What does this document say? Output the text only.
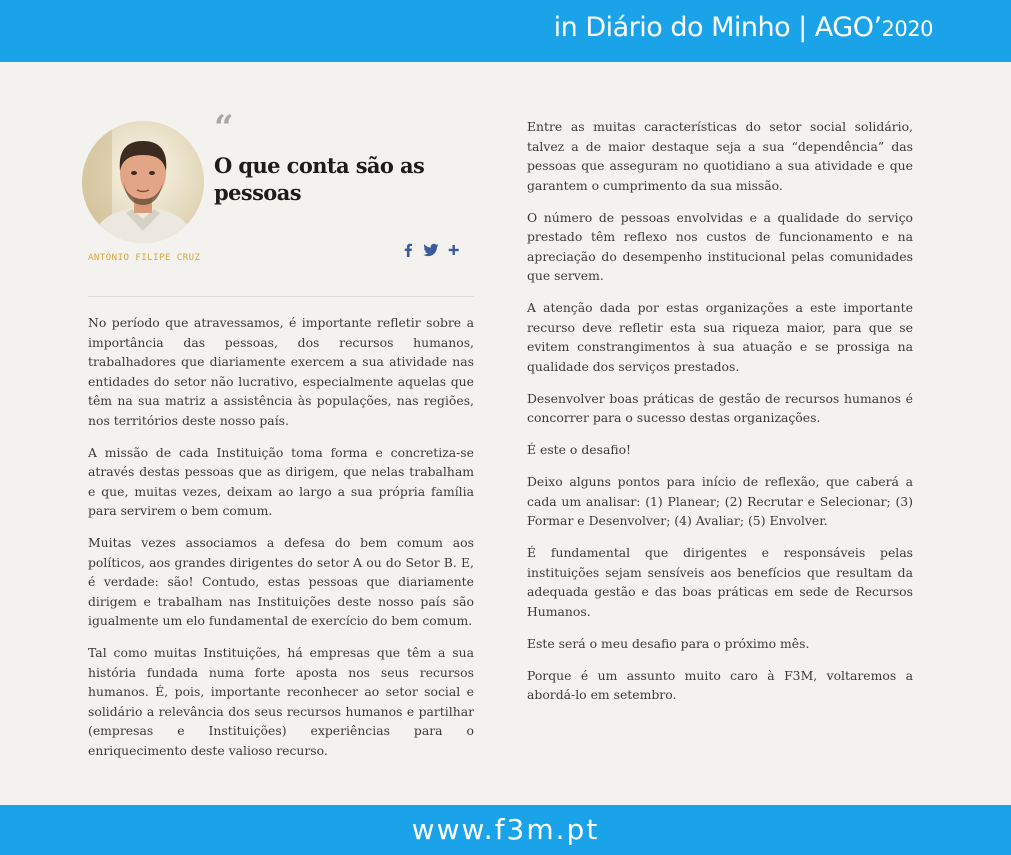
in Diário do Minho | AGO’2020
“
O que conta são as pessoas
ANTÓNIO FILIPE CRUZ

No período que atravessamos, é importante refletir sobre a importância das pessoas, dos recursos humanos, trabalhadores que diariamente exercem a sua atividade nas entidades do setor não lucrativo, especialmente aquelas que têm na sua matriz a assistência às populações, nas regiões, nos territórios deste nosso país.

A missão de cada Instituição toma forma e concretiza-se através destas pessoas que as dirigem, que nelas trabalham e que, muitas vezes, deixam ao largo a sua própria família para servirem o bem comum.

Muitas vezes associamos a defesa do bem comum aos políticos, aos grandes dirigentes do setor A ou do Setor B. E, é verdade: são! Contudo, estas pessoas que diariamente dirigem e trabalham nas Instituições deste nosso país são igualmente um elo fundamental de exercício do bem comum.

Tal como muitas Instituições, há empresas que têm a sua história fundada numa forte aposta nos seus recursos humanos. É, pois, importante reconhecer ao setor social e solidário a relevância dos seus recursos humanos e partilhar (empresas e Instituições) experiências para o enriquecimento deste valioso recurso.

Entre as muitas características do setor social solidário, talvez a de maior destaque seja a sua “dependência” das pessoas que asseguram no quotidiano a sua atividade e que garantem o cumprimento da sua missão.

O número de pessoas envolvidas e a qualidade do serviço prestado têm reflexo nos custos de funcionamento e na apreciação do desempenho institucional pelas comunidades que servem.

A atenção dada por estas organizações a este importante recurso deve refletir esta sua riqueza maior, para que se evitem constrangimentos à sua atuação e se prossiga na qualidade dos serviços prestados.

Desenvolver boas práticas de gestão de recursos humanos é concorrer para o sucesso destas organizações.

É este o desafio!

Deixo alguns pontos para início de reflexão, que caberá a cada um analisar: (1) Planear; (2) Recrutar e Selecionar; (3) Formar e Desenvolver; (4) Avaliar; (5) Envolver.

É fundamental que dirigentes e responsáveis pelas instituições sejam sensíveis aos benefícios que resultam da adequada gestão e das boas práticas em sede de Recursos Humanos.

Este será o meu desafio para o próximo mês.

Porque é um assunto muito caro à F3M, voltaremos a abordá-lo em setembro.

www.f3m.pt
